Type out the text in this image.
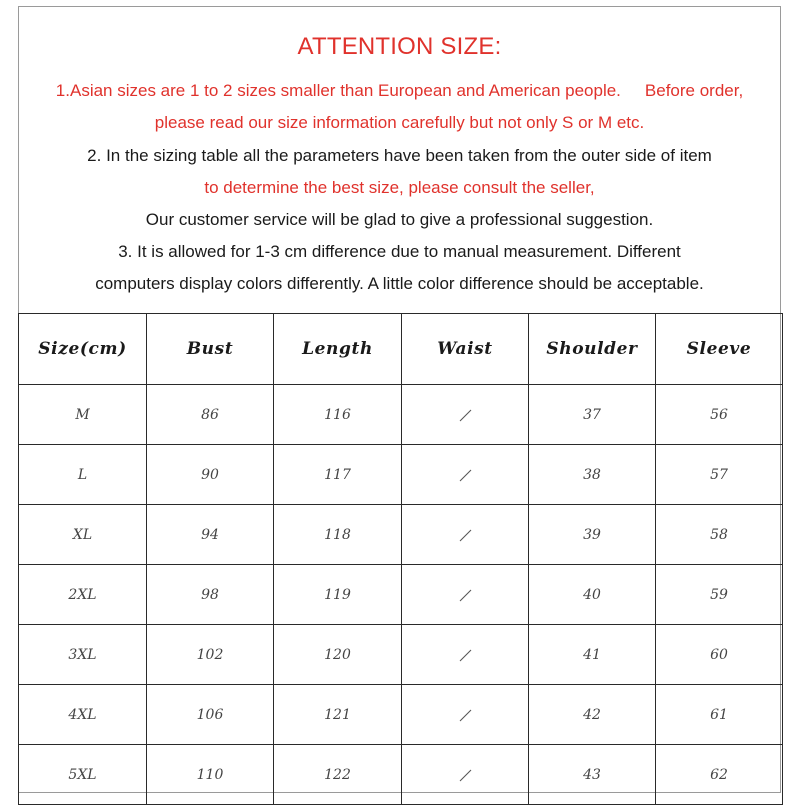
ATTENTION SIZE:
1.Asian sizes are 1 to 2 sizes smaller than European and American people. Before order,
please read our size information carefully but not only S or M etc.
2. In the sizing table all the parameters have been taken from the outer side of item
to determine the best size, please consult the seller,
Our customer service will be glad to give a professional suggestion.
3. It is allowed for 1-3 cm difference due to manual measurement. Different
computers display colors differently. A little color difference should be acceptable.
Size(cm)	Bust	Length	Waist	Shoulder	Sleeve
M	86	116		37	56
L	90	117		38	57
XL	94	118		39	58
2XL	98	119		40	59
3XL	102	120		41	60
4XL	106	121		42	61
5XL	110	122		43	62
